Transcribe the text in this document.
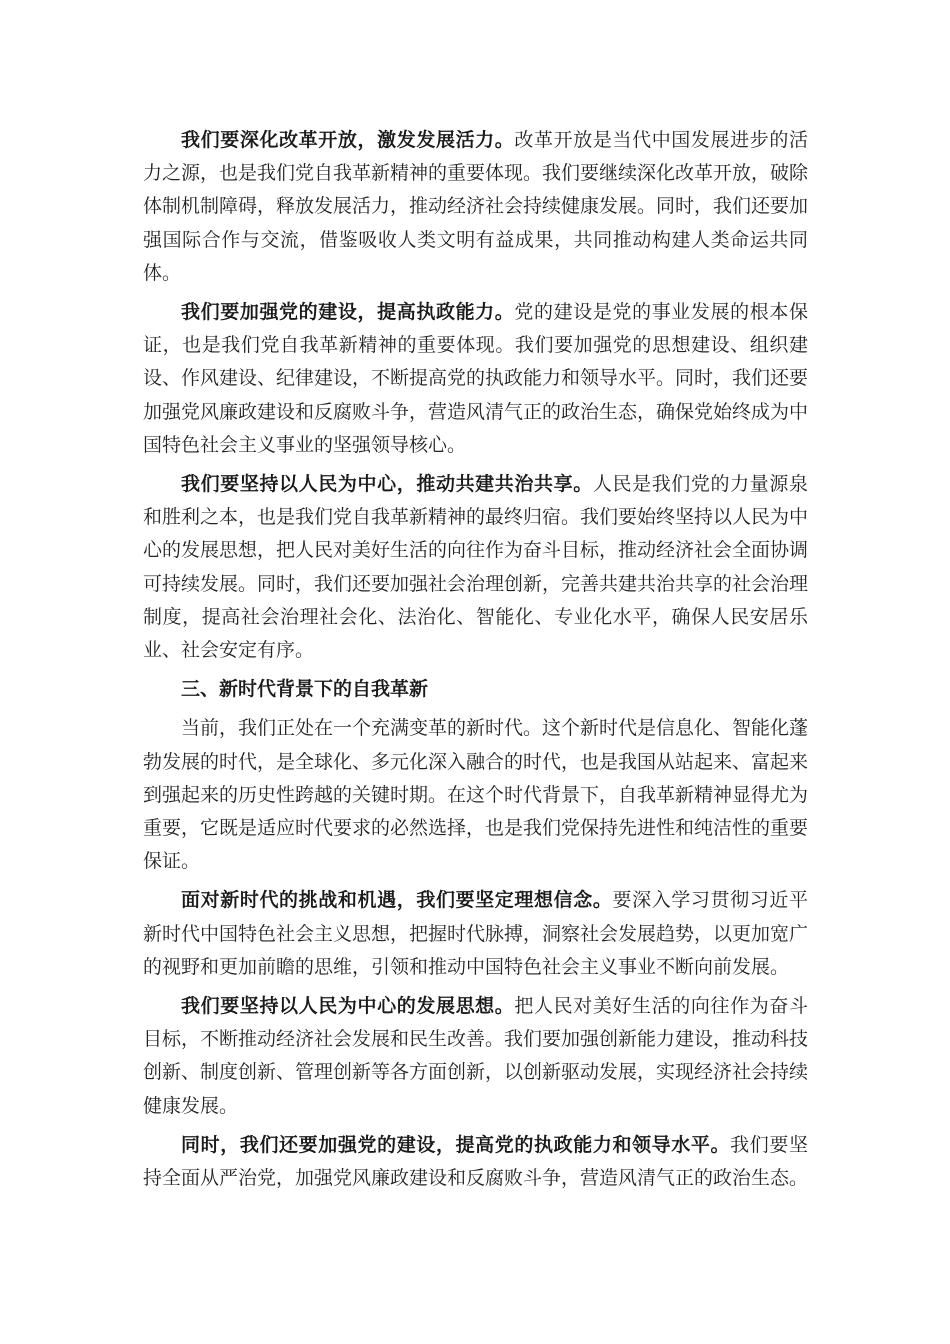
我们要深化改革开放，激发发展活力。改革开放是当代中国发展进步的活力之源，也是我们党自我革新精神的重要体现。我们要继续深化改革开放，破除体制机制障碍，释放发展活力，推动经济社会持续健康发展。同时，我们还要加强国际合作与交流，借鉴吸收人类文明有益成果，共同推动构建人类命运共同体。

我们要加强党的建设，提高执政能力。党的建设是党的事业发展的根本保证，也是我们党自我革新精神的重要体现。我们要加强党的思想建设、组织建设、作风建设、纪律建设，不断提高党的执政能力和领导水平。同时，我们还要加强党风廉政建设和反腐败斗争，营造风清气正的政治生态，确保党始终成为中国特色社会主义事业的坚强领导核心。

我们要坚持以人民为中心，推动共建共治共享。人民是我们党的力量源泉和胜利之本，也是我们党自我革新精神的最终归宿。我们要始终坚持以人民为中心的发展思想，把人民对美好生活的向往作为奋斗目标，推动经济社会全面协调可持续发展。同时，我们还要加强社会治理创新，完善共建共治共享的社会治理制度，提高社会治理社会化、法治化、智能化、专业化水平，确保人民安居乐业、社会安定有序。

三、新时代背景下的自我革新

当前，我们正处在一个充满变革的新时代。这个新时代是信息化、智能化蓬勃发展的时代，是全球化、多元化深入融合的时代，也是我国从站起来、富起来到强起来的历史性跨越的关键时期。在这个时代背景下，自我革新精神显得尤为重要，它既是适应时代要求的必然选择，也是我们党保持先进性和纯洁性的重要保证。

面对新时代的挑战和机遇，我们要坚定理想信念。要深入学习贯彻习近平新时代中国特色社会主义思想，把握时代脉搏，洞察社会发展趋势，以更加宽广的视野和更加前瞻的思维，引领和推动中国特色社会主义事业不断向前发展。

我们要坚持以人民为中心的发展思想。把人民对美好生活的向往作为奋斗目标，不断推动经济社会发展和民生改善。我们要加强创新能力建设，推动科技创新、制度创新、管理创新等各方面创新，以创新驱动发展，实现经济社会持续健康发展。

同时，我们还要加强党的建设，提高党的执政能力和领导水平。我们要坚持全面从严治党，加强党风廉政建设和反腐败斗争，营造风清气正的政治生态。
